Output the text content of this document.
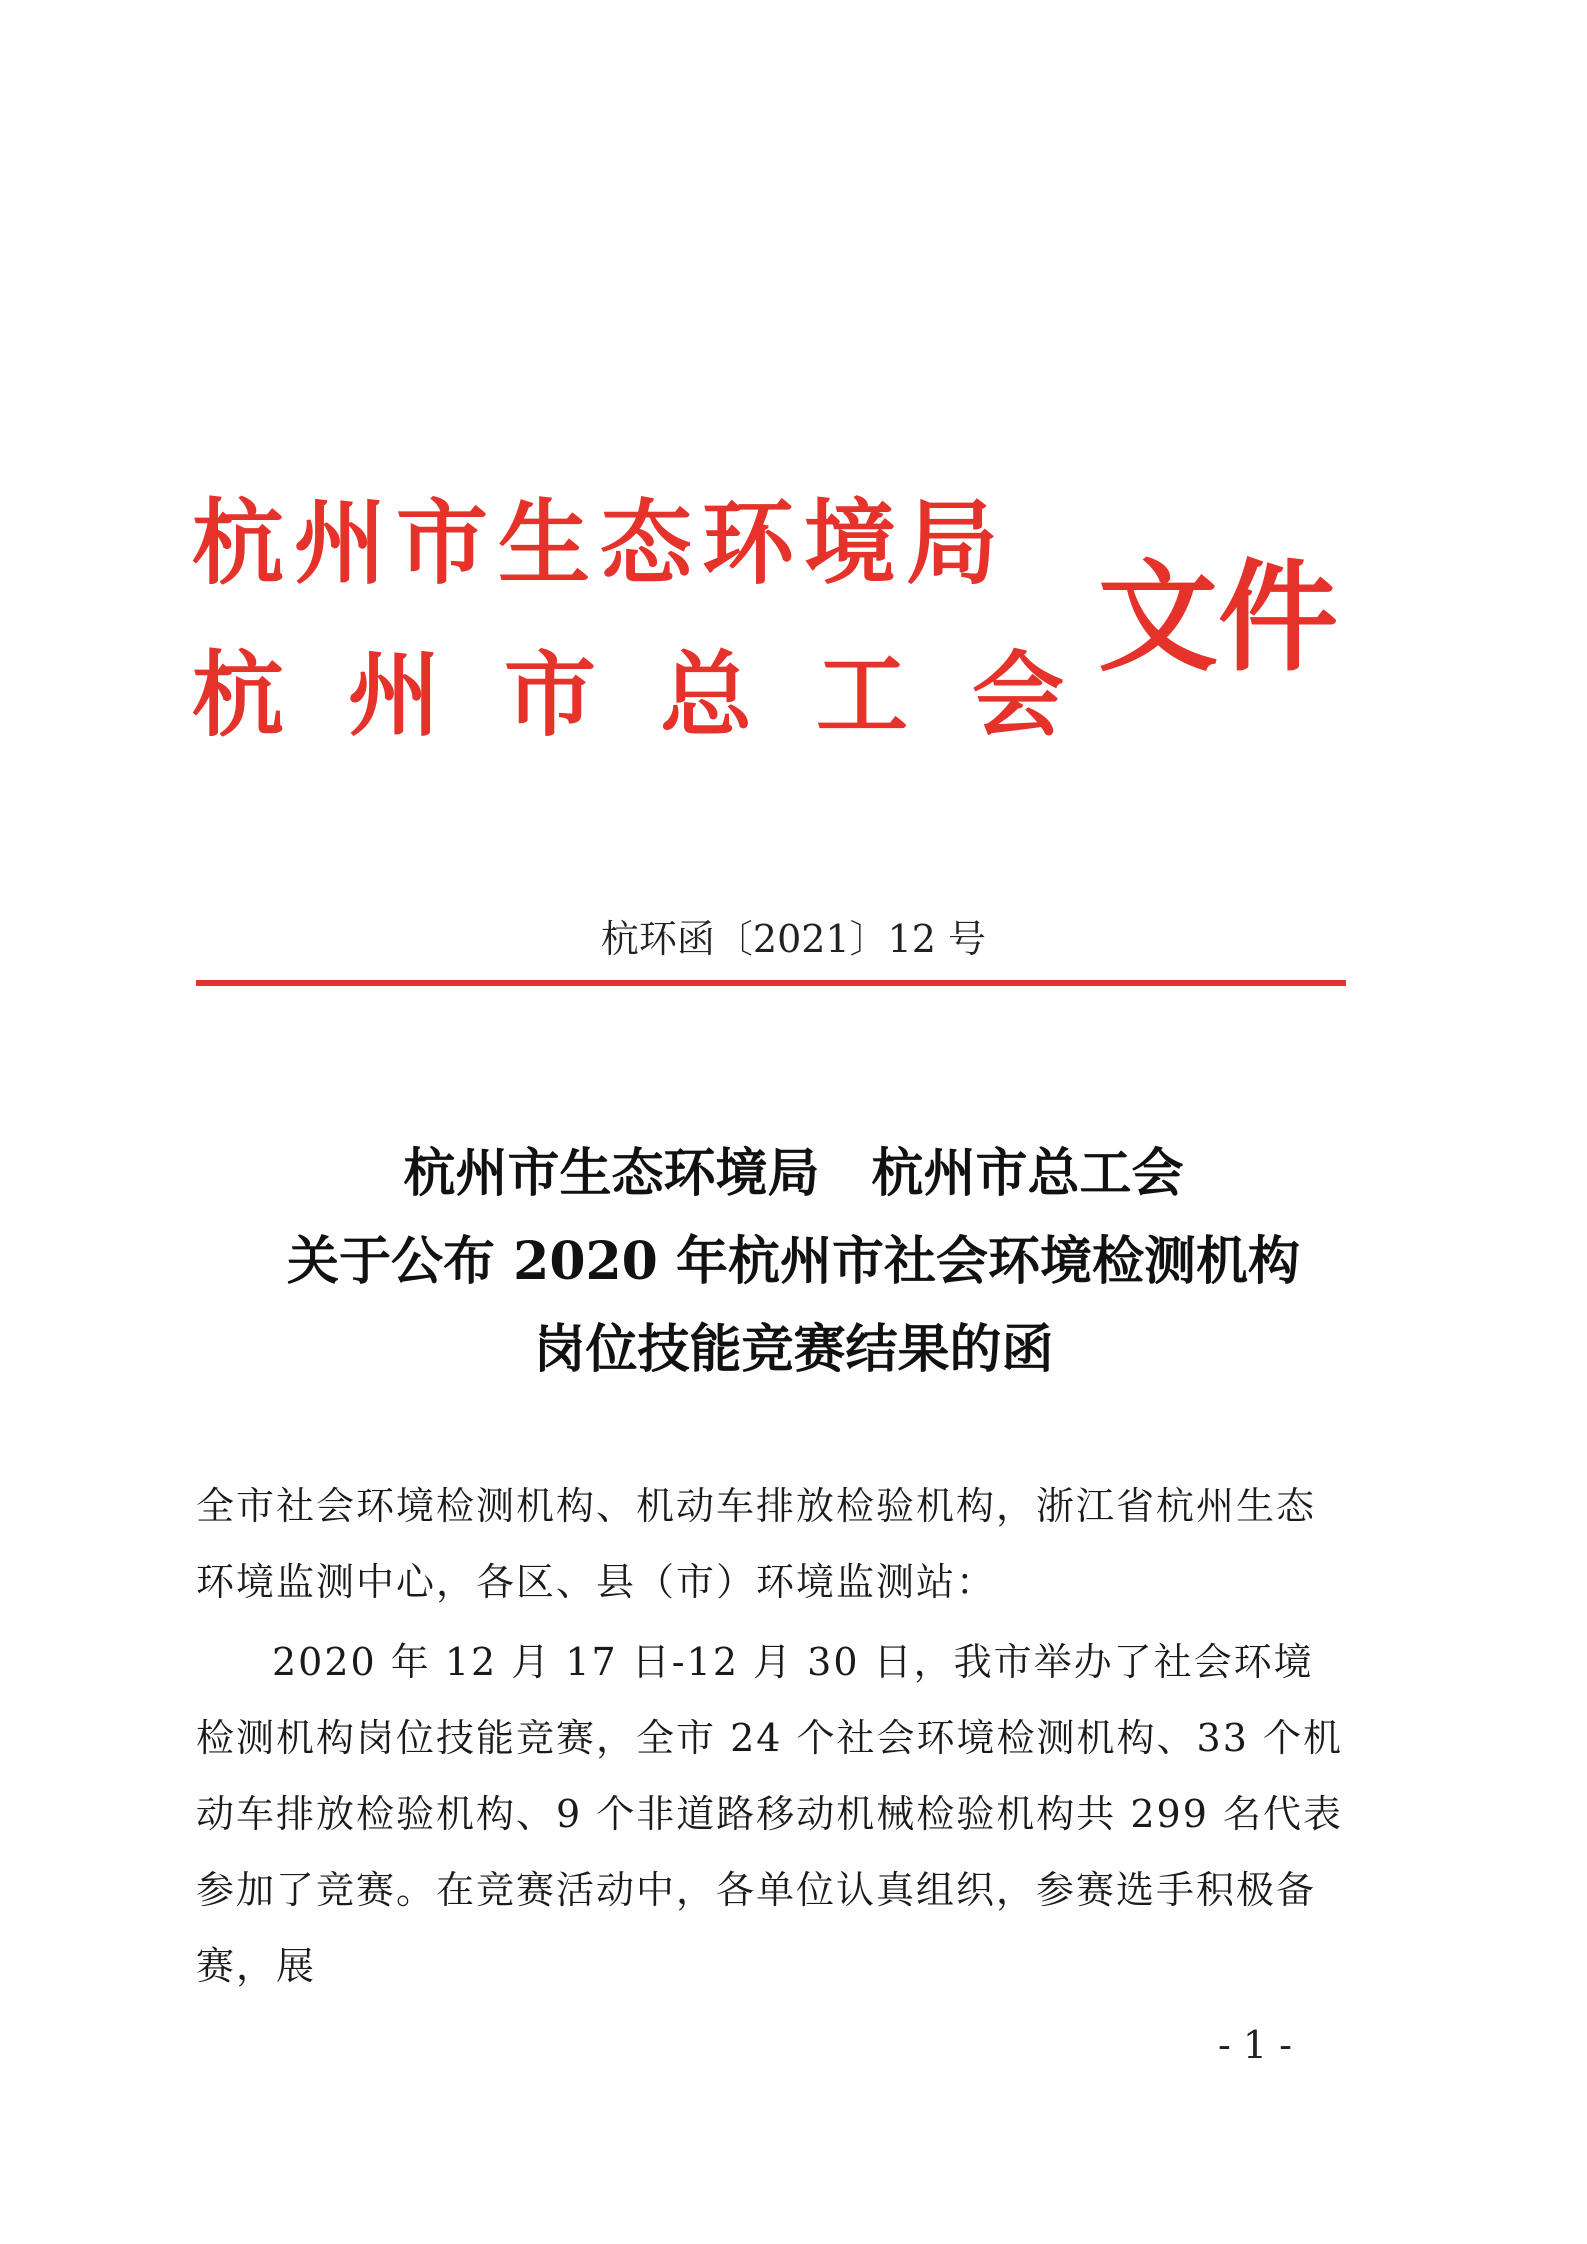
杭州市生态环境局
杭州市总工会
文件
杭环函〔2021〕12 号
杭州市生态环境局 杭州市总工会
关于公布 2020 年杭州市社会环境检测机构
岗位技能竞赛结果的函
全市社会环境检测机构、机动车排放检验机构，浙江省杭州生态环境监测中心，各区、县（市）环境监测站：
2020 年 12 月 17 日-12 月 30 日，我市举办了社会环境检测机构岗位技能竞赛，全市 24 个社会环境检测机构、33 个机动车排放检验机构、9 个非道路移动机械检验机构共 299 名代表参加了竞赛。在竞赛活动中，各单位认真组织，参赛选手积极备赛，展
- 1 -
